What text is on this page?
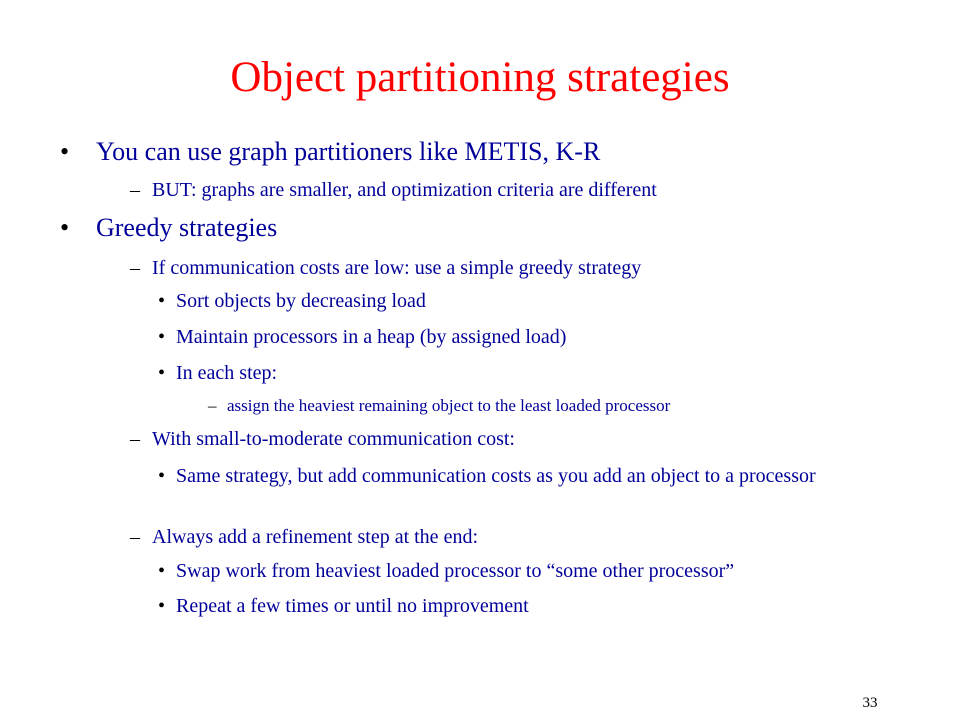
Object partitioning strategies
• You can use graph partitioners like METIS, K-R
– BUT: graphs are smaller, and optimization criteria are different
• Greedy strategies
– If communication costs are low: use a simple greedy strategy
• Sort objects by decreasing load
• Maintain processors in a heap (by assigned load)
• In each step:
– assign the heaviest remaining object to the least loaded processor
– With small-to-moderate communication cost:
• Same strategy, but add communication costs as you add an object to a processor
– Always add a refinement step at the end:
• Swap work from heaviest loaded processor to “some other processor”
• Repeat a few times or until no improvement
33
